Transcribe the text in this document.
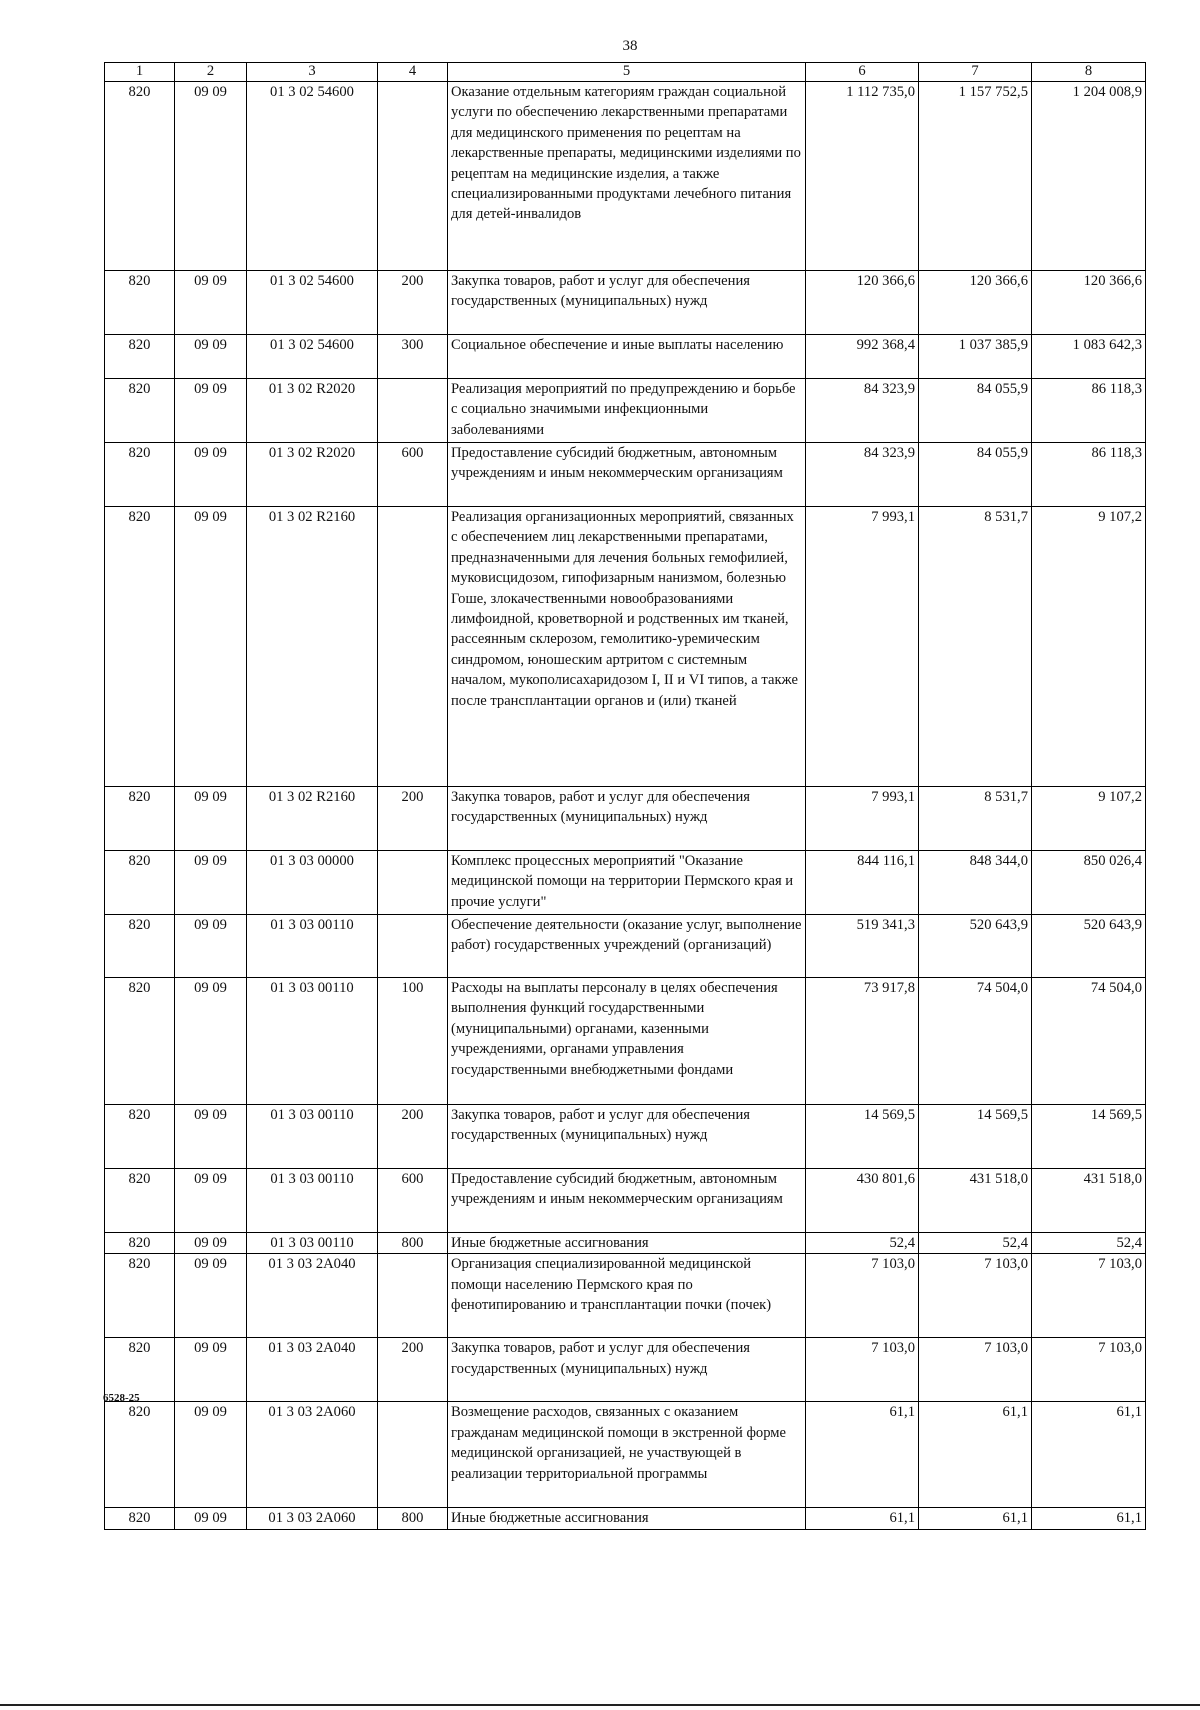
38
1	2	3	4	5	6	7	8
820	09 09	01 3 02 54600		Оказание отдельным категориям граждан социальной услуги по обеспечению лекарственными препаратами для медицинского применения по рецептам на лекарственные препараты, медицинскими изделиями по рецептам на медицинские изделия, а также специализированными продуктами лечебного питания для детей-инвалидов	1 112 735,0	1 157 752,5	1 204 008,9
820	09 09	01 3 02 54600	200	Закупка товаров, работ и услуг для обеспечения государственных (муниципальных) нужд	120 366,6	120 366,6	120 366,6
820	09 09	01 3 02 54600	300	Социальное обеспечение и иные выплаты населению	992 368,4	1 037 385,9	1 083 642,3
820	09 09	01 3 02 R2020		Реализация мероприятий по предупреждению и борьбе с социально значимыми инфекционными заболеваниями	84 323,9	84 055,9	86 118,3
820	09 09	01 3 02 R2020	600	Предоставление субсидий бюджетным, автономным учреждениям и иным некоммерческим организациям	84 323,9	84 055,9	86 118,3
820	09 09	01 3 02 R2160		Реализация организационных мероприятий, связанных с обеспечением лиц лекарственными препаратами, предназначенными для лечения больных гемофилией, муковисцидозом, гипофизарным нанизмом, болезнью Гоше, злокачественными новообразованиями лимфоидной, кроветворной и родственных им тканей, рассеянным склерозом, гемолитико-уремическим синдромом, юношеским артритом с системным началом, мукополисахаридозом I, II и VI типов, а также после трансплантации органов и (или) тканей	7 993,1	8 531,7	9 107,2
820	09 09	01 3 02 R2160	200	Закупка товаров, работ и услуг для обеспечения государственных (муниципальных) нужд	7 993,1	8 531,7	9 107,2
820	09 09	01 3 03 00000		Комплекс процессных мероприятий "Оказание медицинской помощи на территории Пермского края и прочие услуги"	844 116,1	848 344,0	850 026,4
820	09 09	01 3 03 00110		Обеспечение деятельности (оказание услуг, выполнение работ) государственных учреждений (организаций)	519 341,3	520 643,9	520 643,9
820	09 09	01 3 03 00110	100	Расходы на выплаты персоналу в целях обеспечения выполнения функций государственными (муниципальными) органами, казенными учреждениями, органами управления государственными внебюджетными фондами	73 917,8	74 504,0	74 504,0
820	09 09	01 3 03 00110	200	Закупка товаров, работ и услуг для обеспечения государственных (муниципальных) нужд	14 569,5	14 569,5	14 569,5
820	09 09	01 3 03 00110	600	Предоставление субсидий бюджетным, автономным учреждениям и иным некоммерческим организациям	430 801,6	431 518,0	431 518,0
820	09 09	01 3 03 00110	800	Иные бюджетные ассигнования	52,4	52,4	52,4
820	09 09	01 3 03 2А040		Организация специализированной медицинской помощи населению Пермского края по фенотипированию и трансплантации почки (почек)	7 103,0	7 103,0	7 103,0
820	09 09	01 3 03 2А040	200	Закупка товаров, работ и услуг для обеспечения государственных (муниципальных) нужд	7 103,0	7 103,0	7 103,0
820	09 09	01 3 03 2А060		Возмещение расходов, связанных с оказанием гражданам медицинской помощи в экстренной форме медицинской организацией, не участвующей в реализации территориальной программы	61,1	61,1	61,1
820	09 09	01 3 03 2А060	800	Иные бюджетные ассигнования	61,1	61,1	61,1
6528-25
